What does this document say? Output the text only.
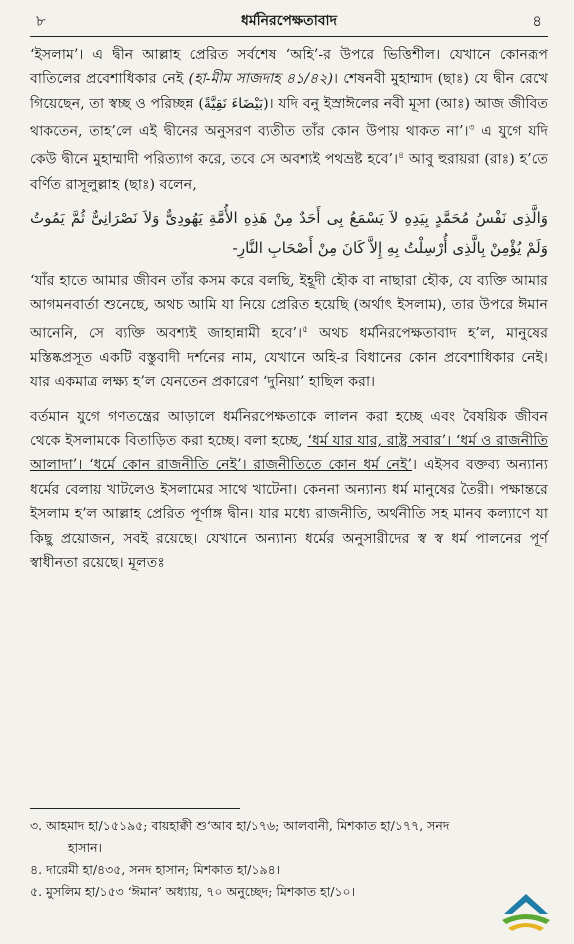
৮	ধর্মনিরপেক্ষতাবাদ	৪

‘ইসলাম’। এ দ্বীন আল্লাহ প্রেরিত সর্বশেষ ‘অহি’-র উপরে ভিত্তিশীল। যেখানে কোনরূপ বাতিলের প্রবেশাধিকার নেই (হা-মীম সাজদাহ ৪১/৪২)। শেষনবী মুহাম্মাদ (ছাঃ) যে দ্বীন রেখে গিয়েছেন, তা স্বচ্ছ ও পরিচ্ছন্ন (بَيْضَاءَ نَقِيَّةً)। যদি বনু ইস্রাঈলের নবী মূসা (আঃ) আজ জীবিত থাকতেন, তাহ’লে এই দ্বীনের অনুসরণ ব্যতীত তাঁর কোন উপায় থাকত না’।$^৩$ এ যুগে যদি কেউ দ্বীনে মুহাম্মাদী পরিত্যাগ করে, তবে সে অবশ্যই পথভ্রষ্ট হবে’।$^৪$ আবু হুরায়রা (রাঃ) হ’তে বর্ণিত রাসূলুল্লাহ (ছাঃ) বলেন,

وَالَّذِى نَفْسُ مُحَمَّدٍ بِيَدِهِ لاَ يَسْمَعُ بِى أَحَدٌ مِنْ هَذِهِ الأُمَّةِ يَهُودِىٌّ وَلاَ نَصْرَانِىٌّ ثُمَّ يَمُوتُ وَلَمْ يُؤْمِنْ بِالَّذِى أُرْسِلْتُ بِهِ إِلاَّ كَانَ مِنْ أَصْحَابِ النَّارِ-

‘যাঁর হাতে আমার জীবন তাঁর কসম করে বলছি, ইহূদী হৌক বা নাছারা হৌক, যে ব্যক্তি আমার আগমনবার্তা শুনেছে, অথচ আমি যা নিয়ে প্রেরিত হয়েছি (অর্থাৎ ইসলাম), তার উপরে ঈমান আনেনি, সে ব্যক্তি অবশ্যই জাহান্নামী হবে’।$^৫$ অথচ ধর্মনিরপেক্ষতাবাদ হ’ল, মানুষের মস্তিষ্কপ্রসূত একটি বস্তুবাদী দর্শনের নাম, যেখানে অহি-র বিধানের কোন প্রবেশাধিকার নেই। যার একমাত্র লক্ষ্য হ’ল যেনতেন প্রকারেণ ‘দুনিয়া’ হাছিল করা।

বর্তমান যুগে গণতন্ত্রের আড়ালে ধর্মনিরপেক্ষতাকে লালন করা হচ্ছে এবং বৈষয়িক জীবন থেকে ইসলামকে বিতাড়িত করা হচ্ছে। বলা হচ্ছে, ‘ধর্ম যার যার, রাষ্ট্র সবার’। ‘ধর্ম ও রাজনীতি আলাদা’। ‘ধর্মে কোন রাজনীতি নেই’। রাজনীতিতে কোন ধর্ম নেই’। এইসব বক্তব্য অন্যান্য ধর্মের বেলায় খাটলেও ইসলামের সাথে খাটেনা। কেননা অন্যান্য ধর্ম মানুষের তৈরী। পক্ষান্তরে ইসলাম হ’ল আল্লাহ প্রেরিত পূর্ণাঙ্গ দ্বীন। যার মধ্যে রাজনীতি, অর্থনীতি সহ মানব কল্যাণে যা কিছু প্রয়োজন, সবই রয়েছে। যেখানে অন্যান্য ধর্মের অনুসারীদের স্ব স্ব ধর্ম পালনের পূর্ণ স্বাধীনতা রয়েছে। মূলতঃ

৩. আহমাদ হা/১৫১৯৫; বায়হাক্বী শু‘আব হা/১৭৬; আলবানী, মিশকাত হা/১৭৭, সনদ

হাসান।

৪. দারেমী হা/৪৩৫, সনদ হাসান; মিশকাত হা/১৯৪।

৫. মুসলিম হা/১৫৩ ‘ঈমান’ অধ্যায়, ৭০ অনুচ্ছেদ; মিশকাত হা/১০।
